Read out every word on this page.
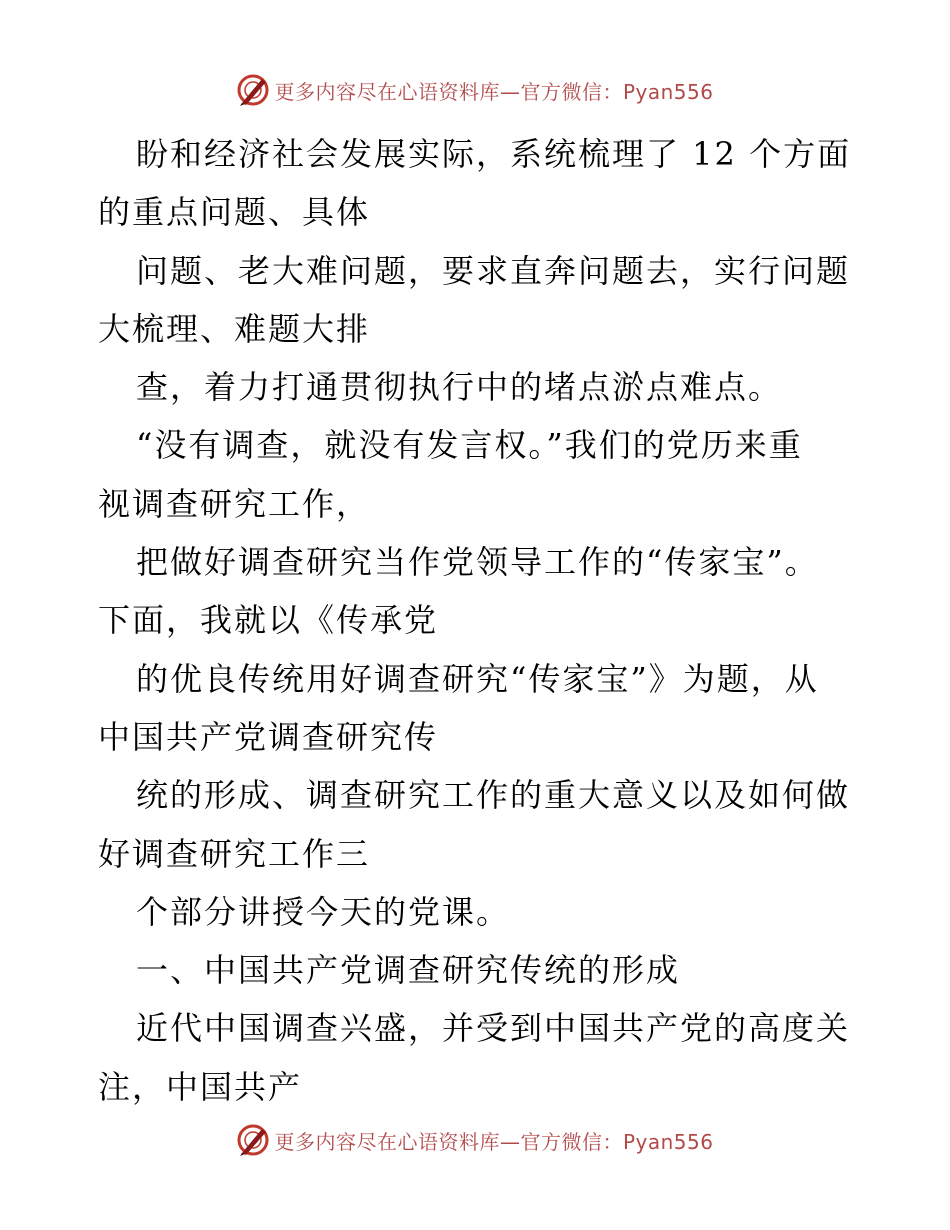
更多内容尽在心语资料库—官方微信：Pyan556
盼和经济社会发展实际，系统梳理了 12 个方面
的重点问题、具体
问题、老大难问题，要求直奔问题去，实行问题
大梳理、难题大排
查，着力打通贯彻执行中的堵点淤点难点。
“没有调查，就没有发言权。”我们的党历来重
视调查研究工作，
把做好调查研究当作党领导工作的“传家宝”。
下面，我就以《传承党
的优良传统用好调查研究“传家宝”》为题，从
中国共产党调查研究传
统的形成、调查研究工作的重大意义以及如何做
好调查研究工作三
个部分讲授今天的党课。
一、中国共产党调查研究传统的形成
近代中国调查兴盛，并受到中国共产党的高度关
注，中国共产
更多内容尽在心语资料库—官方微信：Pyan556
